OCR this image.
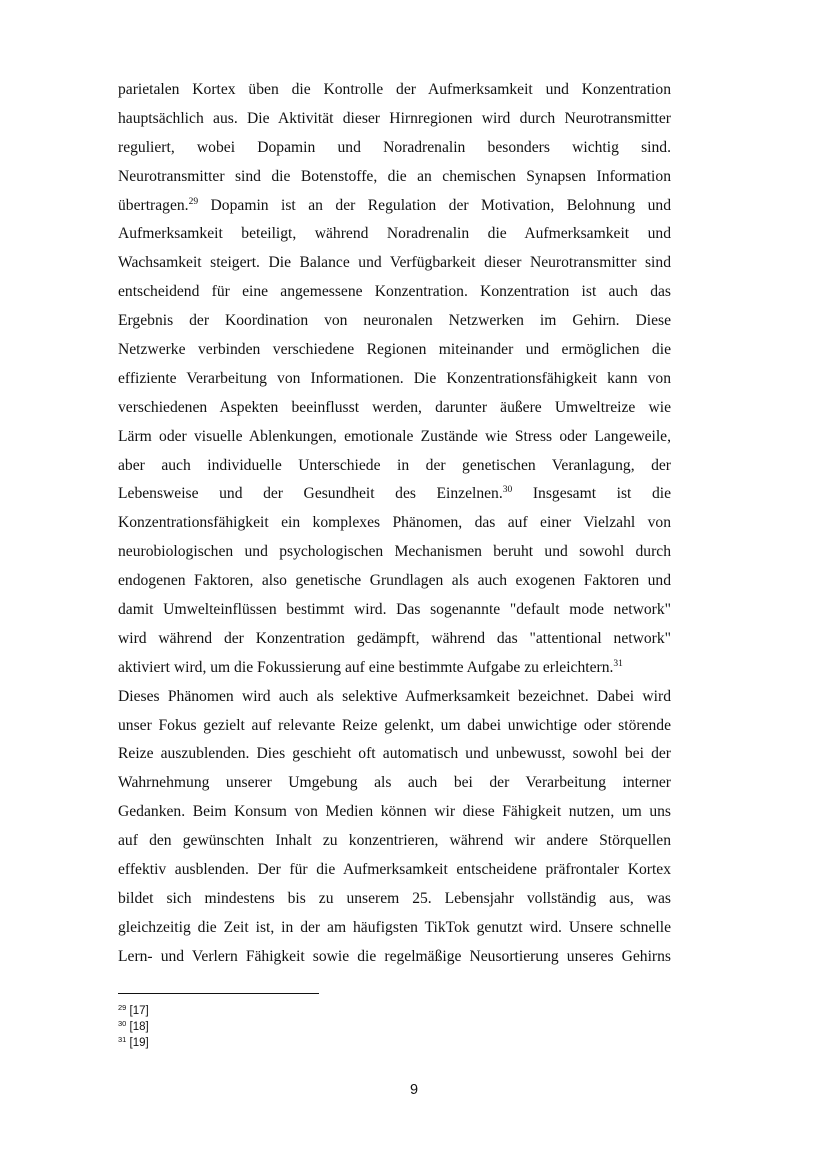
parietalen Kortex üben die Kontrolle der Aufmerksamkeit und Konzentration
hauptsächlich aus. Die Aktivität dieser Hirnregionen wird durch Neurotransmitter
reguliert, wobei Dopamin und Noradrenalin besonders wichtig sind.
Neurotransmitter sind die Botenstoffe, die an chemischen Synapsen Information
übertragen.$^{29}$ Dopamin ist an der Regulation der Motivation, Belohnung und
Aufmerksamkeit beteiligt, während Noradrenalin die Aufmerksamkeit und
Wachsamkeit steigert. Die Balance und Verfügbarkeit dieser Neurotransmitter sind
entscheidend für eine angemessene Konzentration. Konzentration ist auch das
Ergebnis der Koordination von neuronalen Netzwerken im Gehirn. Diese
Netzwerke verbinden verschiedene Regionen miteinander und ermöglichen die
effiziente Verarbeitung von Informationen. Die Konzentrationsfähigkeit kann von
verschiedenen Aspekten beeinflusst werden, darunter äußere Umweltreize wie
Lärm oder visuelle Ablenkungen, emotionale Zustände wie Stress oder Langeweile,
aber auch individuelle Unterschiede in der genetischen Veranlagung, der
Lebensweise und der Gesundheit des Einzelnen.$^{30}$ Insgesamt ist die
Konzentrationsfähigkeit ein komplexes Phänomen, das auf einer Vielzahl von
neurobiologischen und psychologischen Mechanismen beruht und sowohl durch
endogenen Faktoren, also genetische Grundlagen als auch exogenen Faktoren und
damit Umwelteinflüssen bestimmt wird. Das sogenannte "default mode network"
wird während der Konzentration gedämpft, während das "attentional network"
aktiviert wird, um die Fokussierung auf eine bestimmte Aufgabe zu erleichtern.$^{31}$
Dieses Phänomen wird auch als selektive Aufmerksamkeit bezeichnet. Dabei wird
unser Fokus gezielt auf relevante Reize gelenkt, um dabei unwichtige oder störende
Reize auszublenden. Dies geschieht oft automatisch und unbewusst, sowohl bei der
Wahrnehmung unserer Umgebung als auch bei der Verarbeitung interner
Gedanken. Beim Konsum von Medien können wir diese Fähigkeit nutzen, um uns
auf den gewünschten Inhalt zu konzentrieren, während wir andere Störquellen
effektiv ausblenden. Der für die Aufmerksamkeit entscheidene präfrontaler Kortex
bildet sich mindestens bis zu unserem 25. Lebensjahr vollständig aus, was
gleichzeitig die Zeit ist, in der am häufigsten TikTok genutzt wird. Unsere schnelle
Lern- und Verlern Fähigkeit sowie die regelmäßige Neusortierung unseres Gehirns
$^{29}$ [17]
$^{30}$ [18]
$^{31}$ [19]
9
